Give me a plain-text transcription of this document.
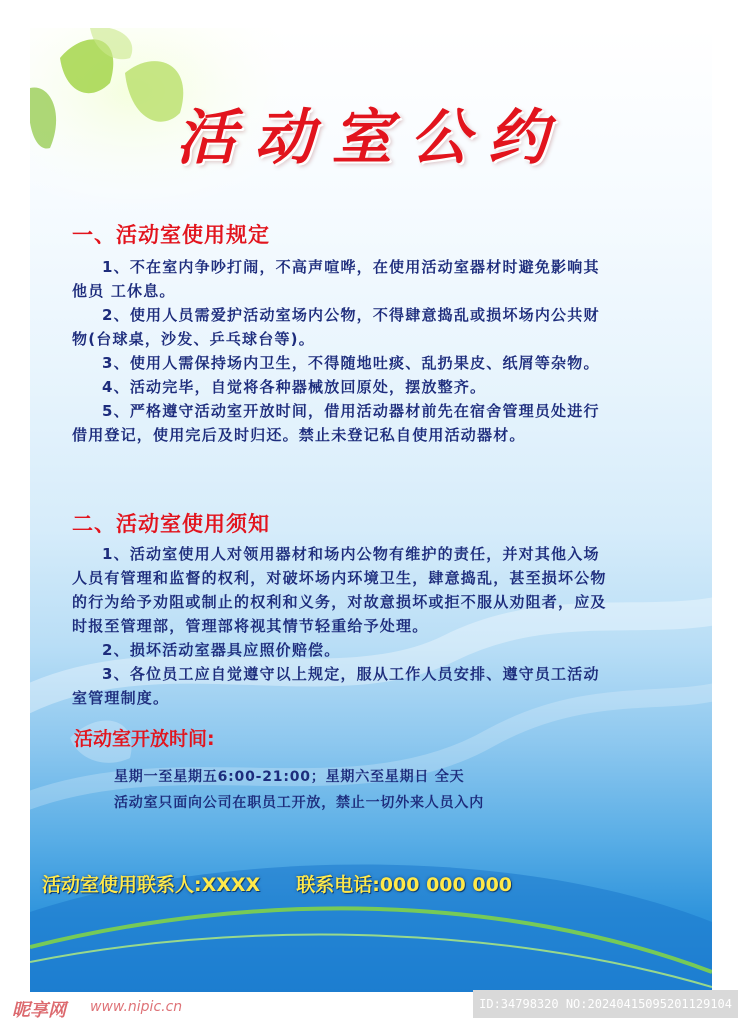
活动室公约
一、活动室使用规定

1、不在室内争吵打闹，不高声喧哗，在使用活动室器材时避免影响其他员 工休息。

2、使用人员需爱护活动室场内公物，不得肆意捣乱或损坏场内公共财物(台球桌，沙发、乒乓球台等)。

3、使用人需保持场内卫生，不得随地吐痰、乱扔果皮、纸屑等杂物。

4、活动完毕，自觉将各种器械放回原处，摆放整齐。

5、严格遵守活动室开放时间，借用活动器材前先在宿舍管理员处进行借用登记，使用完后及时归还。禁止未登记私自使用活动器材。

二、活动室使用须知

1、活动室使用人对领用器材和场内公物有维护的责任，并对其他入场人员有管理和监督的权利，对破坏场内环境卫生，肆意捣乱，甚至损坏公物的行为给予劝阻或制止的权利和义务，对故意损坏或拒不服从劝阻者，应及时报至管理部，管理部将视其情节轻重给予处理。

2、损坏活动室器具应照价赔偿。

3、各位员工应自觉遵守以上规定，服从工作人员安排、遵守员工活动室管理制度。

活动室开放时间:
星期一至星期五6:00-21:00；星期六至星期日 全天
活动室只面向公司在职员工开放，禁止一切外来人员入内
活动室使用联系人:XXXX 联系电话:000 000 000
昵享网 www.nipic.cn	ID:34798320 NO:20240415095201129104
